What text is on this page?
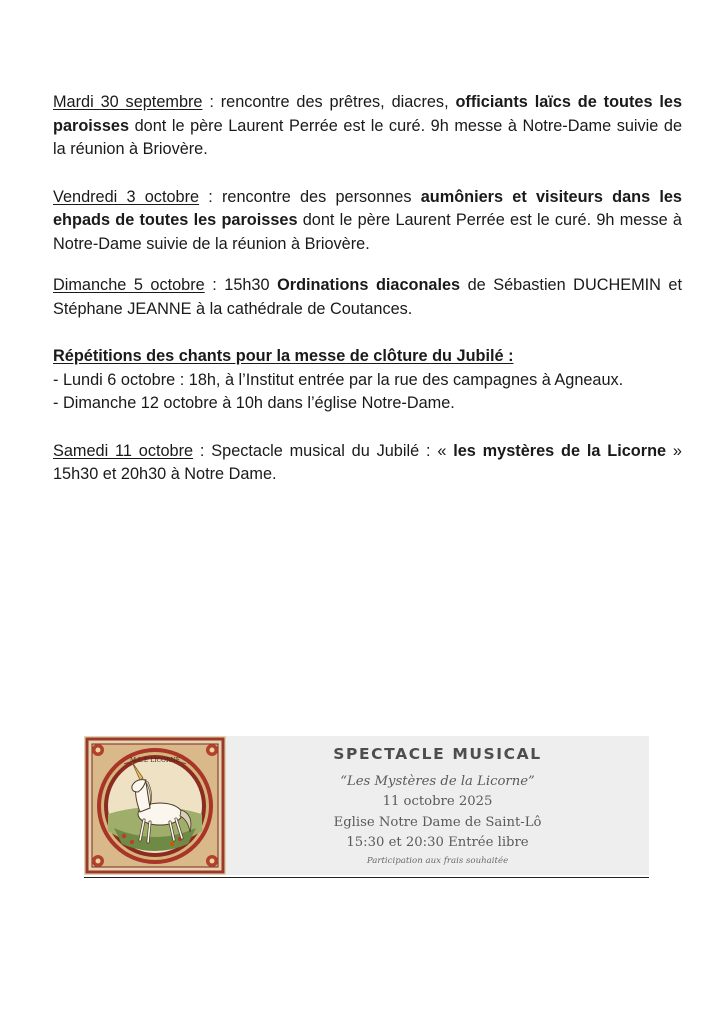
Mardi 30 septembre : rencontre des prêtres, diacres, officiants laïcs de toutes les paroisses dont le père Laurent Perrée est le curé. 9h messe à Notre-Dame suivie de la réunion à Briovère.

Vendredi 3 octobre : rencontre des personnes aumôniers et visiteurs dans les ehpads de toutes les paroisses dont le père Laurent Perrée est le curé. 9h messe à Notre-Dame suivie de la réunion à Briovère.

Dimanche 5 octobre : 15h30 Ordinations diaconales de Sébastien DUCHEMIN et Stéphane JEANNE à la cathédrale de Coutances.

Répétitions des chants pour la messe de clôture du Jubilé :
- Lundi 6 octobre : 18h, à l’Institut entrée par la rue des campagnes à Agneaux.
- Dimanche 12 octobre à 10h dans l’église Notre-Dame.

Samedi 11 octobre : Spectacle musical du Jubilé : « les mystères de la Licorne » 15h30 et 20h30 à Notre Dame.

M.L.E LICORNE	SPECTACLE MUSICAL
“Les Mystères de la Licorne”
11 octobre 2025
Eglise Notre Dame de Saint-Lô
15:30 et 20:30 Entrée libre
Participation aux frais souhaitée
